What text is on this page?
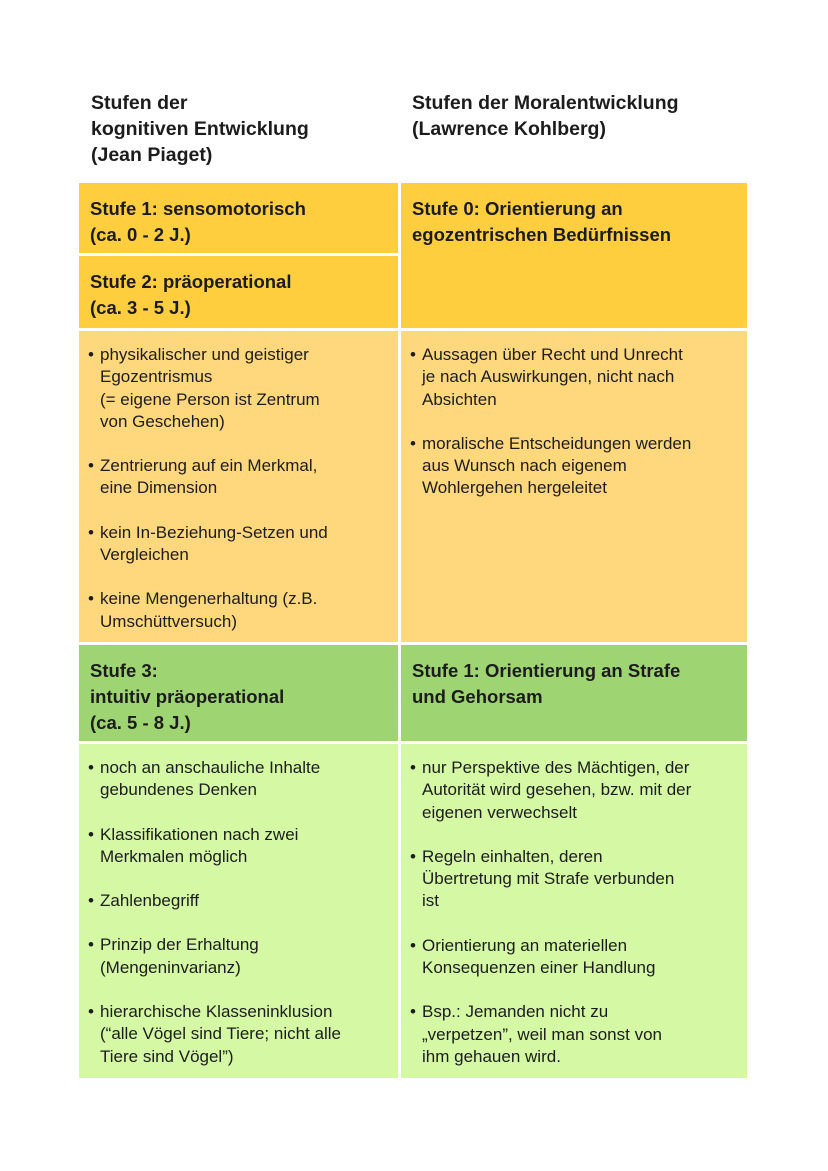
Stufen der
kognitiven Entwicklung
(Jean Piaget)
Stufen der Moralentwicklung
(Lawrence Kohlberg)
Stufe 1: sensomotorisch
(ca. 0 - 2 J.)
Stufe 2: präoperational
(ca. 3 - 5 J.)
Stufe 0: Orientierung an
egozentrischen Bedürfnissen
• physikalischer und geistiger
Egozentrismus
(= eigene Person ist Zentrum
von Geschehen)
• Zentrierung auf ein Merkmal,
eine Dimension
• kein In-Beziehung-Setzen und
Vergleichen
• keine Mengenerhaltung (z.B.
Umschüttversuch)
• Aussagen über Recht und Unrecht
je nach Auswirkungen, nicht nach
Absichten
• moralische Entscheidungen werden
aus Wunsch nach eigenem
Wohlergehen hergeleitet
Stufe 3:
intuitiv präoperational
(ca. 5 - 8 J.)
Stufe 1: Orientierung an Strafe
und Gehorsam
• noch an anschauliche Inhalte
gebundenes Denken
• Klassifikationen nach zwei
Merkmalen möglich
• Zahlenbegriff
• Prinzip der Erhaltung
(Mengeninvarianz)
• hierarchische Klasseninklusion
(“alle Vögel sind Tiere; nicht alle
Tiere sind Vögel”)
• nur Perspektive des Mächtigen, der
Autorität wird gesehen, bzw. mit der
eigenen verwechselt
• Regeln einhalten, deren
Übertretung mit Strafe verbunden
ist
• Orientierung an materiellen
Konsequenzen einer Handlung
• Bsp.: Jemanden nicht zu
„verpetzen”, weil man sonst von
ihm gehauen wird.
